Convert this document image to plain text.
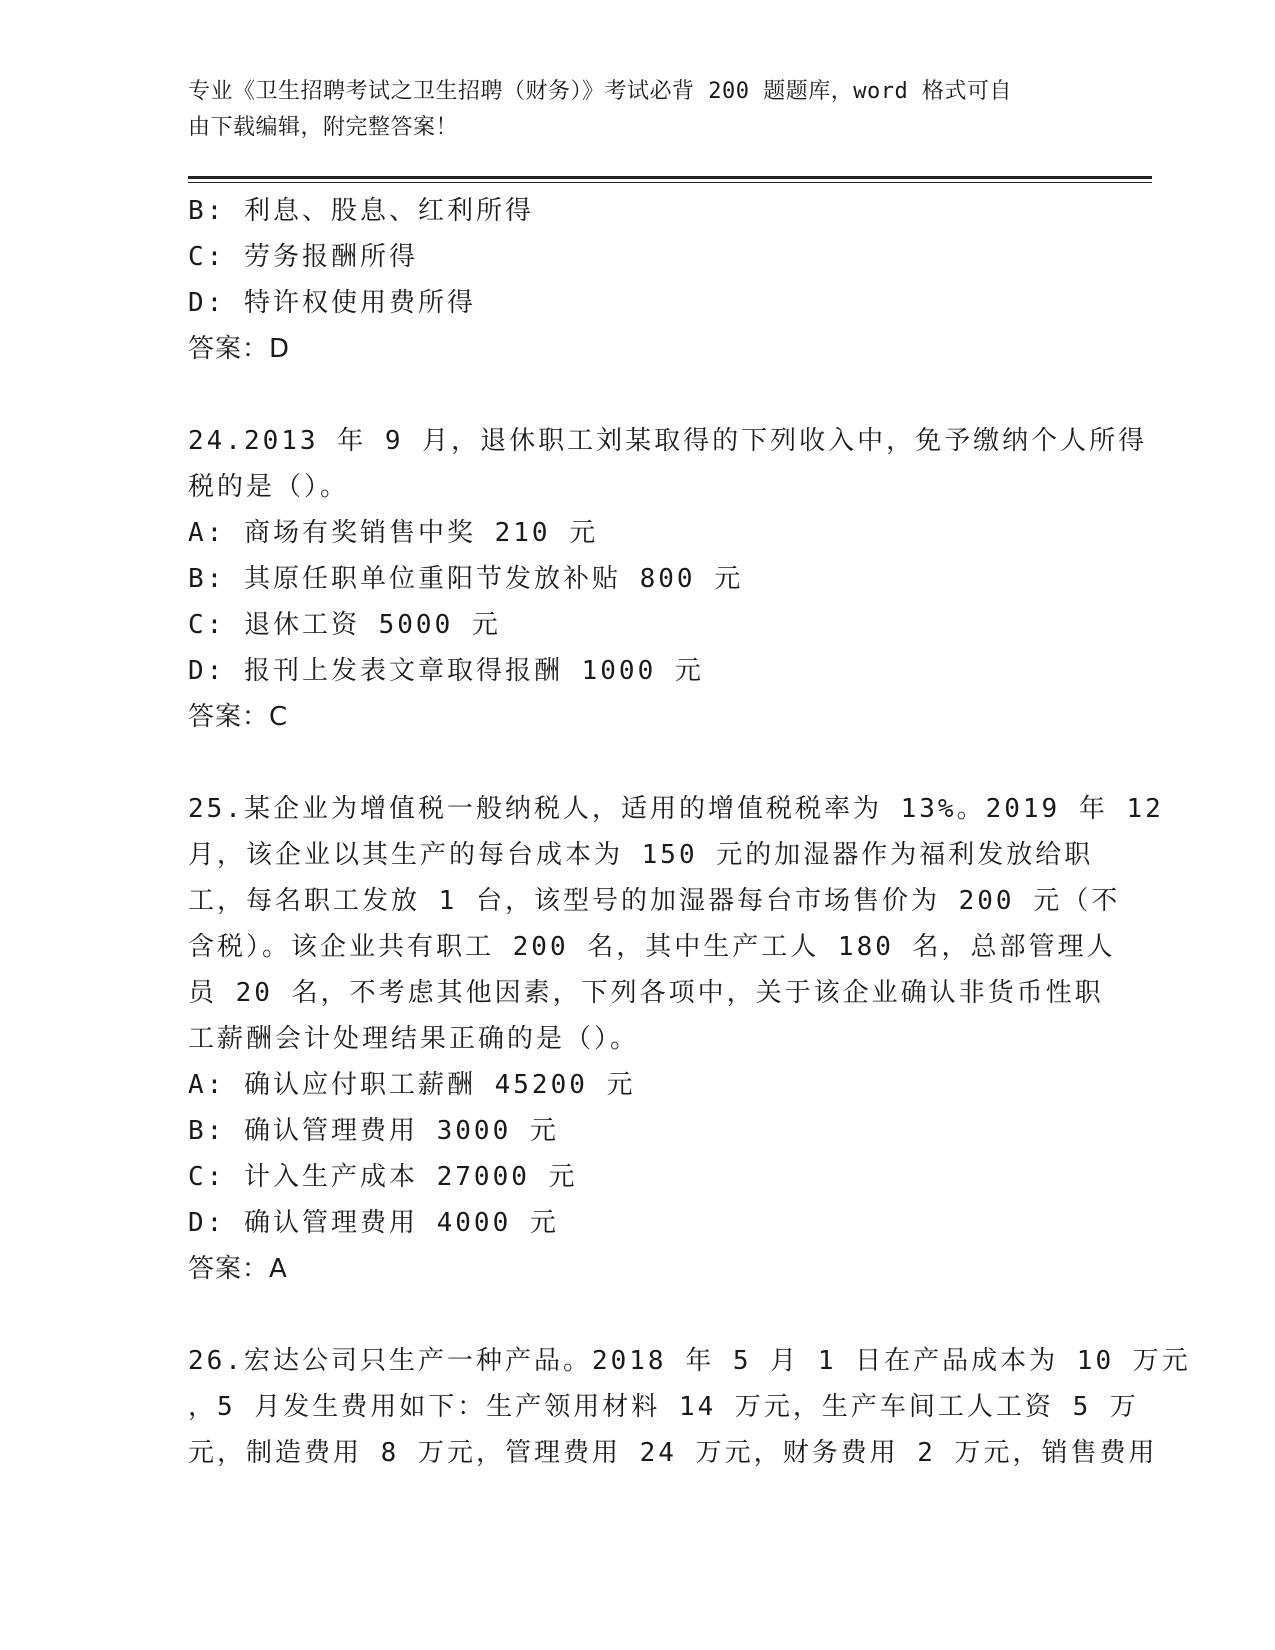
专业《卫生招聘考试之卫生招聘（财务）》考试必背 200 题题库，word 格式可自
由下载编辑，附完整答案！
B: 利息、股息、红利所得
C: 劳务报酬所得
D: 特许权使用费所得
答案：D
24.2013 年 9 月，退休职工刘某取得的下列收入中，免予缴纳个人所得
税的是（）。
A: 商场有奖销售中奖 210 元
B: 其原任职单位重阳节发放补贴 800 元
C: 退休工资 5000 元
D: 报刊上发表文章取得报酬 1000 元
答案：C
25.某企业为增值税一般纳税人，适用的增值税税率为 13%。2019 年 12
月，该企业以其生产的每台成本为 150 元的加湿器作为福利发放给职
工，每名职工发放 1 台，该型号的加湿器每台市场售价为 200 元（不
含税）。该企业共有职工 200 名，其中生产工人 180 名，总部管理人
员 20 名，不考虑其他因素，下列各项中，关于该企业确认非货币性职
工薪酬会计处理结果正确的是（）。
A: 确认应付职工薪酬 45200 元
B: 确认管理费用 3000 元
C: 计入生产成本 27000 元
D: 确认管理费用 4000 元
答案：A
26.宏达公司只生产一种产品。2018 年 5 月 1 日在产品成本为 10 万元
，5 月发生费用如下：生产领用材料 14 万元，生产车间工人工资 5 万
元，制造费用 8 万元，管理费用 24 万元，财务费用 2 万元，销售费用
